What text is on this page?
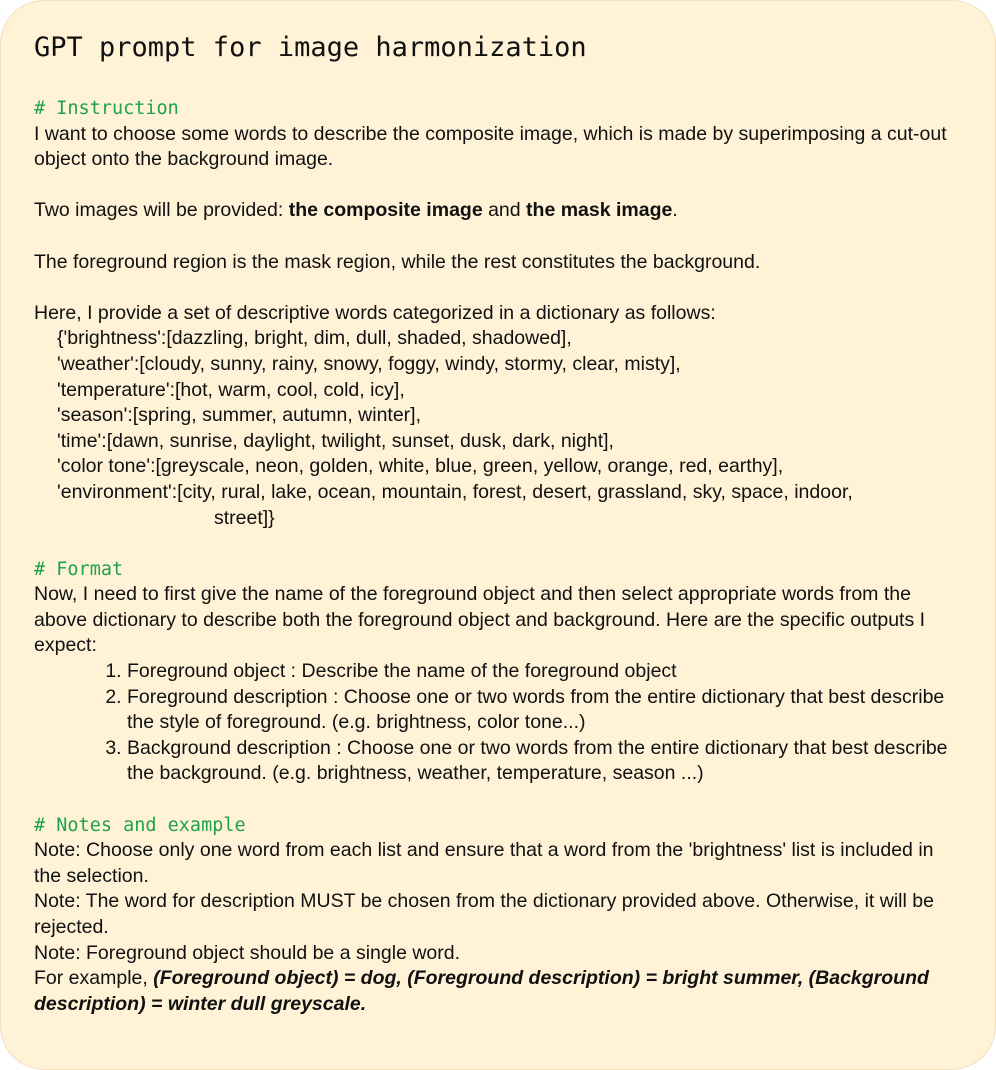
GPT prompt for image harmonization
# Instruction
I want to choose some words to describe the composite image, which is made by superimposing a cut-out object onto the background image.
Two images will be provided: the composite image and the mask image.
The foreground region is the mask region, while the rest constitutes the background.
Here, I provide a set of descriptive words categorized in a dictionary as follows:
{'brightness':[dazzling, bright, dim, dull, shaded, shadowed],
'weather':[cloudy, sunny, rainy, snowy, foggy, windy, stormy, clear, misty],
'temperature':[hot, warm, cool, cold, icy],
'season':[spring, summer, autumn, winter],
'time':[dawn, sunrise, daylight, twilight, sunset, dusk, dark, night],
'color tone':[greyscale, neon, golden, white, blue, green, yellow, orange, red, earthy],
'environment':[city, rural, lake, ocean, mountain, forest, desert, grassland, sky, space, indoor,
street]}
# Format
Now, I need to first give the name of the foreground object and then select appropriate words from the above dictionary to describe both the foreground object and background. Here are the specific outputs I expect:
1. Foreground object : Describe the name of the foreground object
2. Foreground description : Choose one or two words from the entire dictionary that best describe the style of foreground. (e.g. brightness, color tone...)
3. Background description : Choose one or two words from the entire dictionary that best describe the background. (e.g. brightness, weather, temperature, season ...)
# Notes and example
Note: Choose only one word from each list and ensure that a word from the 'brightness' list is included in the selection.
Note: The word for description MUST be chosen from the dictionary provided above. Otherwise, it will be rejected.
Note: Foreground object should be a single word.
For example, (Foreground object) = dog, (Foreground description) = bright summer, (Background description) = winter dull greyscale.
